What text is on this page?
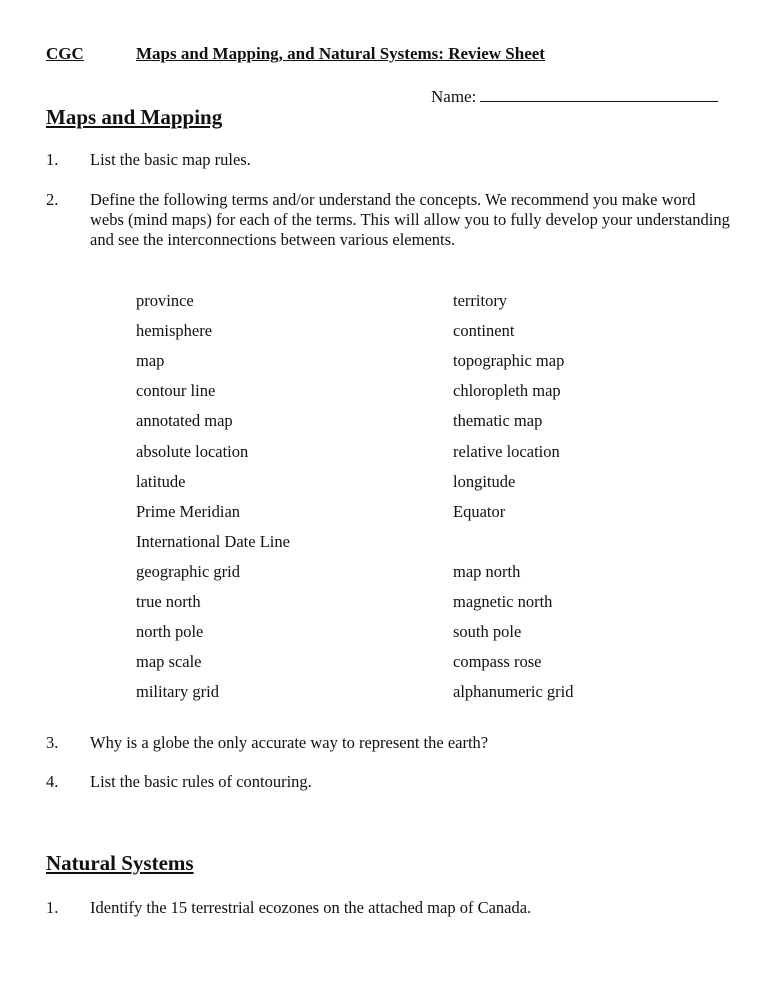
CGC	Maps and Mapping, and Natural Systems: Review Sheet
Name:
Maps and Mapping
1. List the basic map rules.
2. Define the following terms and/or understand the concepts. We recommend you make word webs (mind maps) for each of the terms. This will allow you to fully develop your understanding and see the interconnections between various elements.
province	territory
hemisphere	continent
map	topographic map
contour line	chloropleth map
annotated map	thematic map
absolute location	relative location
latitude	longitude
Prime Meridian	Equator
International Date Line
geographic grid	map north
true north	magnetic north
north pole	south pole
map scale	compass rose
military grid	alphanumeric grid
3. Why is a globe the only accurate way to represent the earth?
4. List the basic rules of contouring.
Natural Systems
1. Identify the 15 terrestrial ecozones on the attached map of Canada.
